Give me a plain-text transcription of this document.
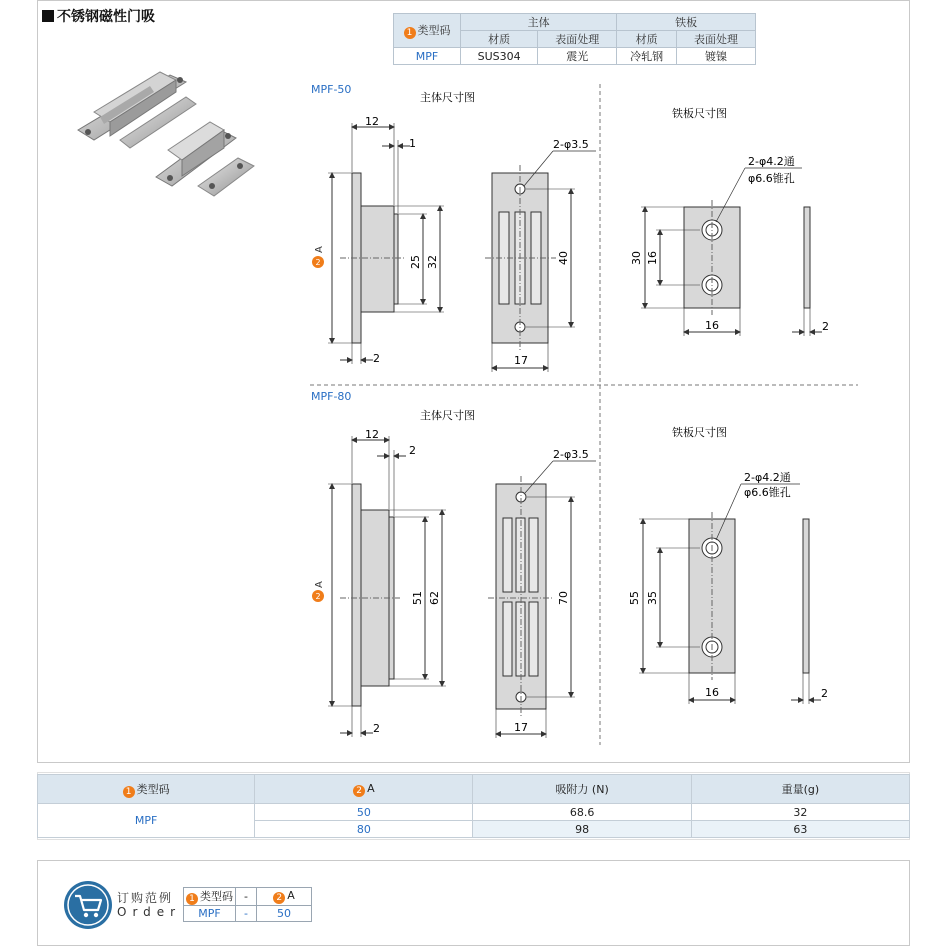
不锈钢磁性门吸
1 类型码	主体		铁板	
	材质	表面处理	材质	表面处理
MPF	SUS304	震光	冷轧钢	镀镍
MPF-50
主体尺寸图
铁板尺寸图
12
1
2
A
25 32
2
2-φ3.5
40
17
2-φ4.2通
φ6.6锥孔
30 16
16	2
MPF-80
主体尺寸图
铁板尺寸图
12
2
2
A
51 62
2
2-φ3.5
70
17
2-φ4.2通
φ6.6锥孔
55 35
16	2
1 类型码	2 A	吸附力 (N)	重量(g)
MPF	50	68.6	32
	80	98	63
订购范例
Order
1 类型码	-	2 A
MPF	-	50
